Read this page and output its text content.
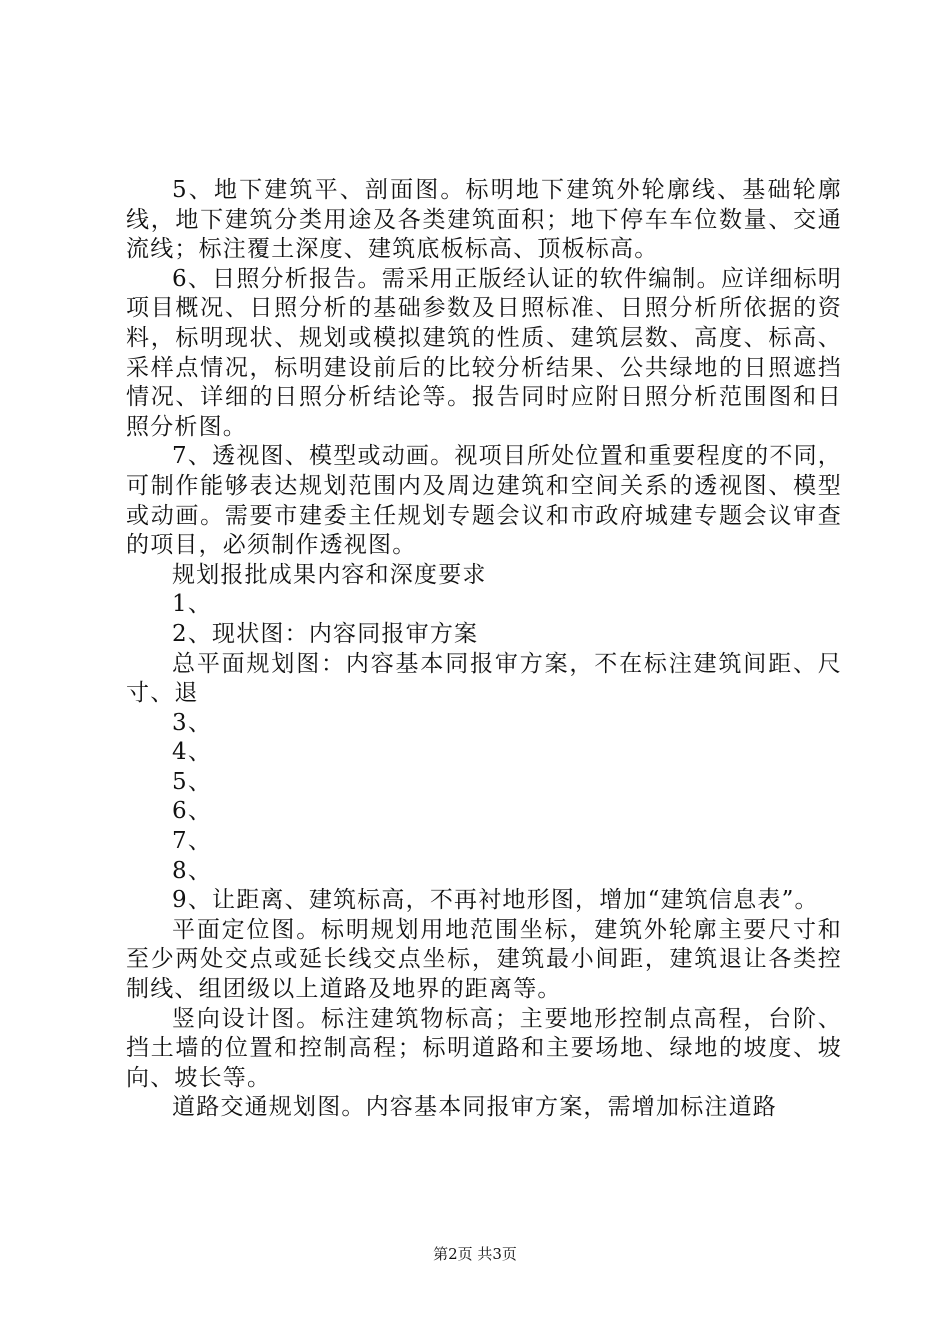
5、地下建筑平、剖面图。标明地下建筑外轮廓线、基础轮廓线，地下建筑分类用途及各类建筑面积；地下停车车位数量、交通流线；标注覆土深度、建筑底板标高、顶板标高。

6、日照分析报告。需采用正版经认证的软件编制。应详细标明项目概况、日照分析的基础参数及日照标准、日照分析所依据的资料，标明现状、规划或模拟建筑的性质、建筑层数、高度、标高、采样点情况，标明建设前后的比较分析结果、公共绿地的日照遮挡情况、详细的日照分析结论等。报告同时应附日照分析范围图和日照分析图。

7、透视图、模型或动画。视项目所处位置和重要程度的不同，可制作能够表达规划范围内及周边建筑和空间关系的透视图、模型或动画。需要市建委主任规划专题会议和市政府城建专题会议审查的项目，必须制作透视图。

规划报批成果内容和深度要求

1、

2、现状图：内容同报审方案

总平面规划图：内容基本同报审方案，不在标注建筑间距、尺寸、退

3、

4、

5、

6、

7、

8、

9、让距离、建筑标高，不再衬地形图，增加“建筑信息表”。

平面定位图。标明规划用地范围坐标，建筑外轮廓主要尺寸和至少两处交点或延长线交点坐标，建筑最小间距，建筑退让各类控制线、组团级以上道路及地界的距离等。

竖向设计图。标注建筑物标高；主要地形控制点高程，台阶、挡土墙的位置和控制高程；标明道路和主要场地、绿地的坡度、坡向、坡长等。

道路交通规划图。内容基本同报审方案，需增加标注道路

第2页 共3页
